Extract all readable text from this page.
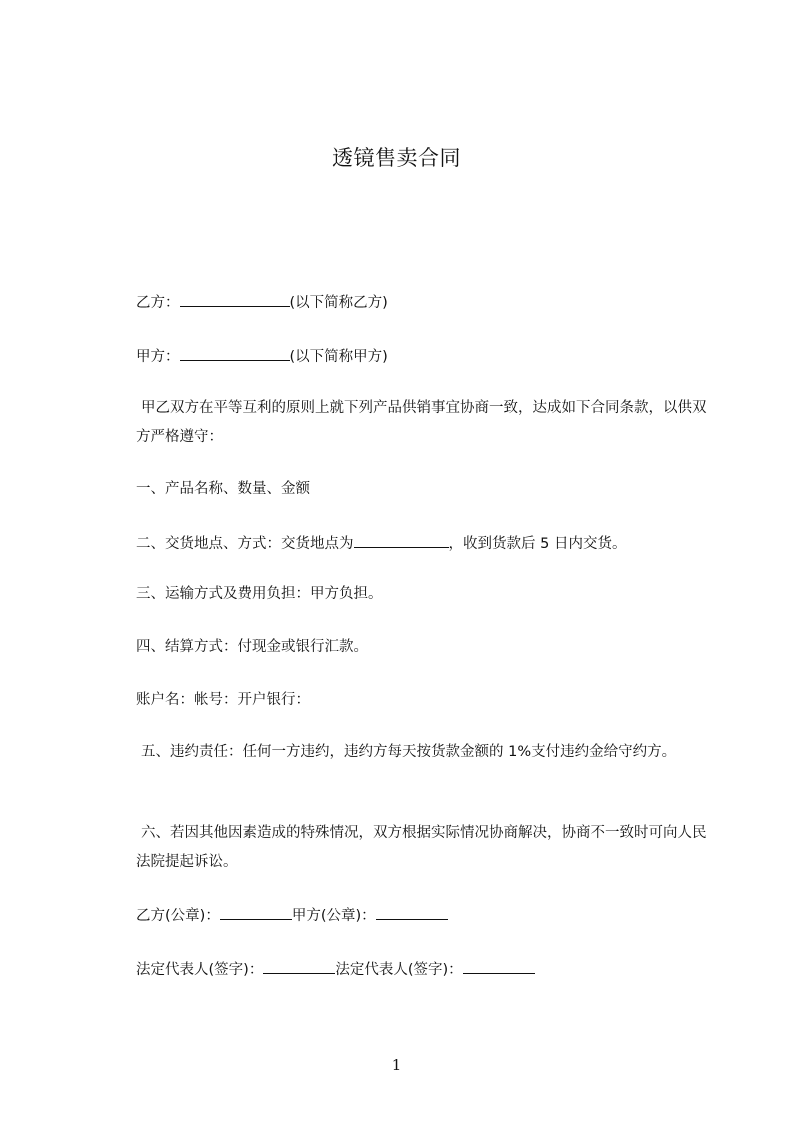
透镜售卖合同
乙方：	(以下简称乙方)
甲方：	(以下简称甲方)
甲乙双方在平等互利的原则上就下列产品供销事宜协商一致，达成如下合同条款，以供双方严格遵守：
一、产品名称、数量、金额
二、交货地点、方式：交货地点为	，收到货款后 5 日内交货。
三、运输方式及费用负担：甲方负担。
四、结算方式：付现金或银行汇款。
账户名：帐号：开户银行：
五、违约责任：任何一方违约，违约方每天按货款金额的 1%支付违约金给守约方。
六、若因其他因素造成的特殊情况，双方根据实际情况协商解决，协商不一致时可向人民法院提起诉讼。
乙方(公章)：	甲方(公章)：
法定代表人(签字)：	法定代表人(签字)：
1
